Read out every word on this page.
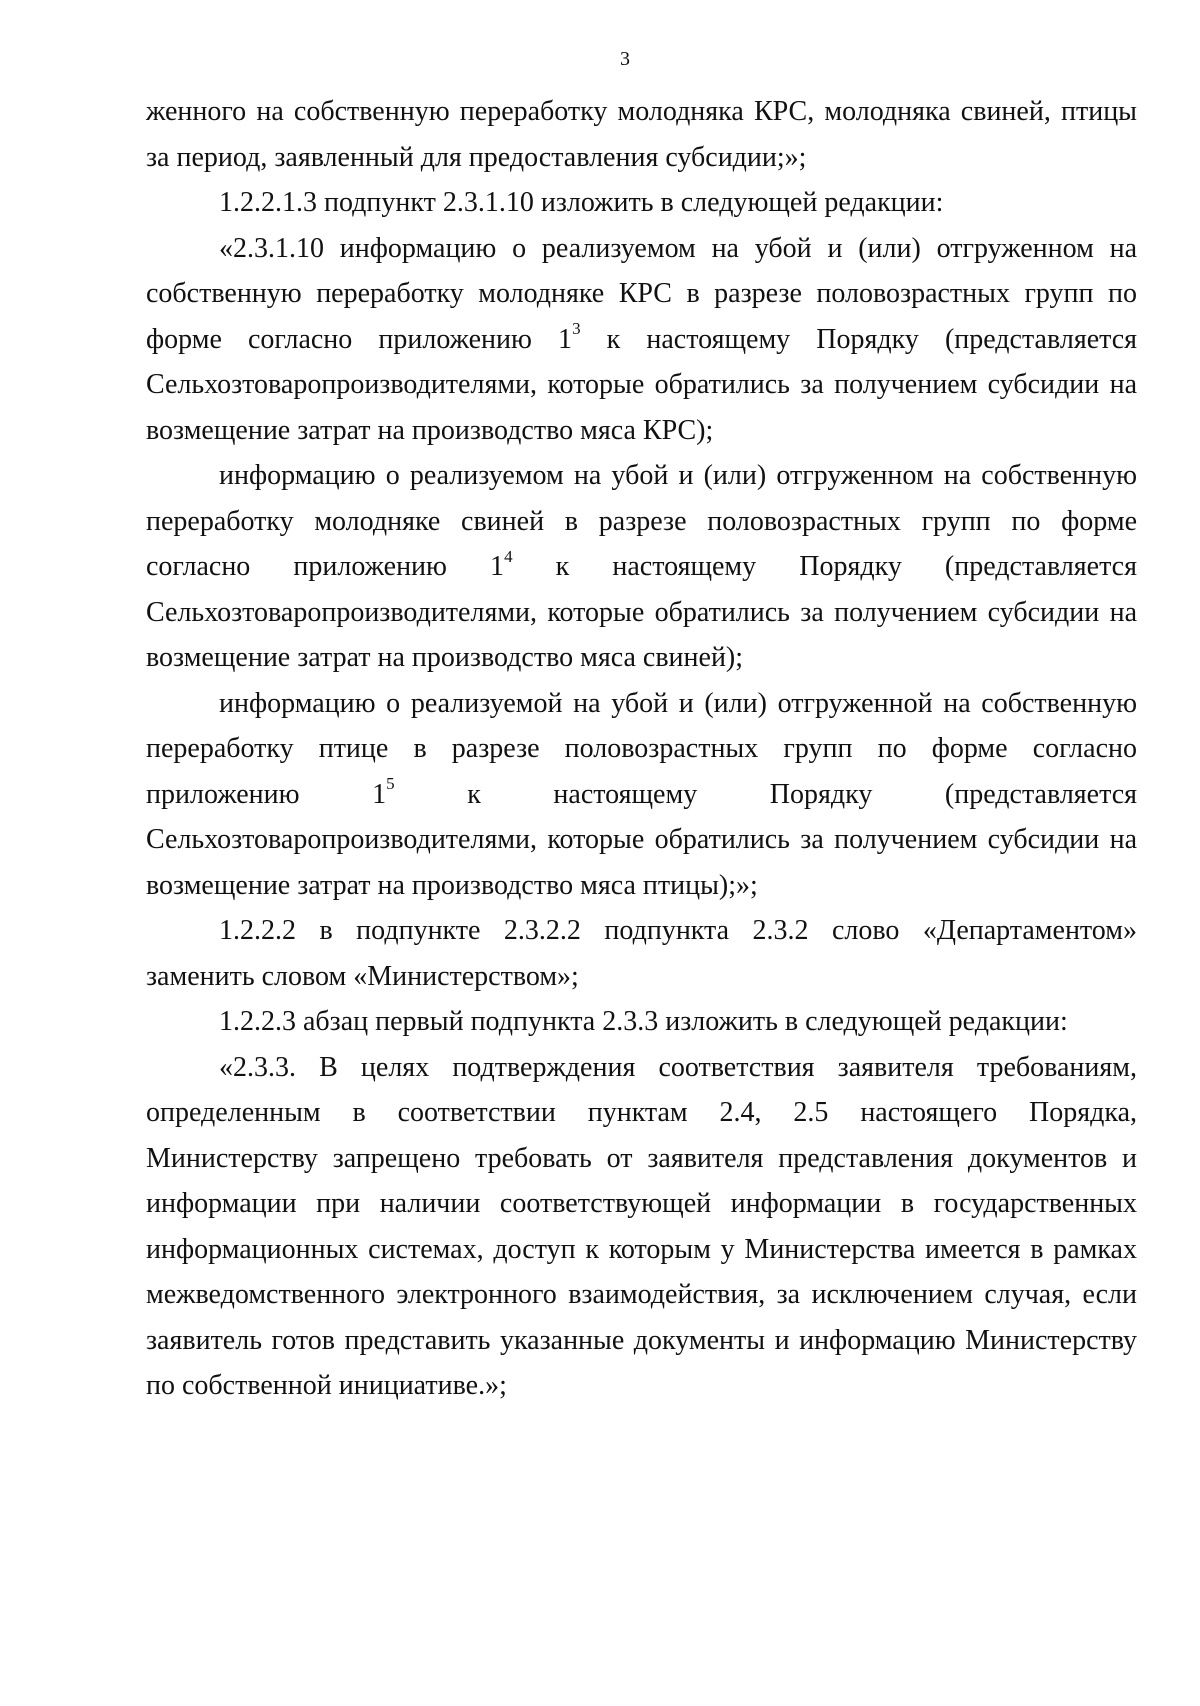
3

женного на собственную переработку молодняка КРС, молодняка свиней, птицы за период, заявленный для предоставления субсидии;»;

1.2.2.1.3 подпункт 2.3.1.10 изложить в следующей редакции:

«2.3.1.10 информацию о реализуемом на убой и (или) отгруженном на собственную переработку молодняке КРС в разрезе половозрастных групп по форме согласно приложению $1^3$ к настоящему Порядку (представляется Сельхозтоваропроизводителями, которые обратились за получением субсидии на возмещение затрат на производство мяса КРС);

информацию о реализуемом на убой и (или) отгруженном на собственную переработку молодняке свиней в разрезе половозрастных групп по форме согласно приложению $1^4$ к настоящему Порядку (представляется Сельхозтоваропроизводителями, которые обратились за получением субсидии на возмещение затрат на производство мяса свиней);

информацию о реализуемой на убой и (или) отгруженной на собственную переработку птице в разрезе половозрастных групп по форме согласно приложению $1^5$ к настоящему Порядку (представляется Сельхозтоваропроизводителями, которые обратились за получением субсидии на возмещение затрат на производство мяса птицы);»;

1.2.2.2 в подпункте 2.3.2.2 подпункта 2.3.2 слово «Департаментом» заменить словом «Министерством»;

1.2.2.3 абзац первый подпункта 2.3.3 изложить в следующей редакции:

«2.3.3. В целях подтверждения соответствия заявителя требованиям, определенным в соответствии пунктам 2.4, 2.5 настоящего Порядка, Министерству запрещено требовать от заявителя представления документов и информации при наличии соответствующей информации в государственных информационных системах, доступ к которым у Министерства имеется в рамках межведомственного электронного взаимодействия, за исключением случая, если заявитель готов представить указанные документы и информацию Министерству по собственной инициативе.»;
